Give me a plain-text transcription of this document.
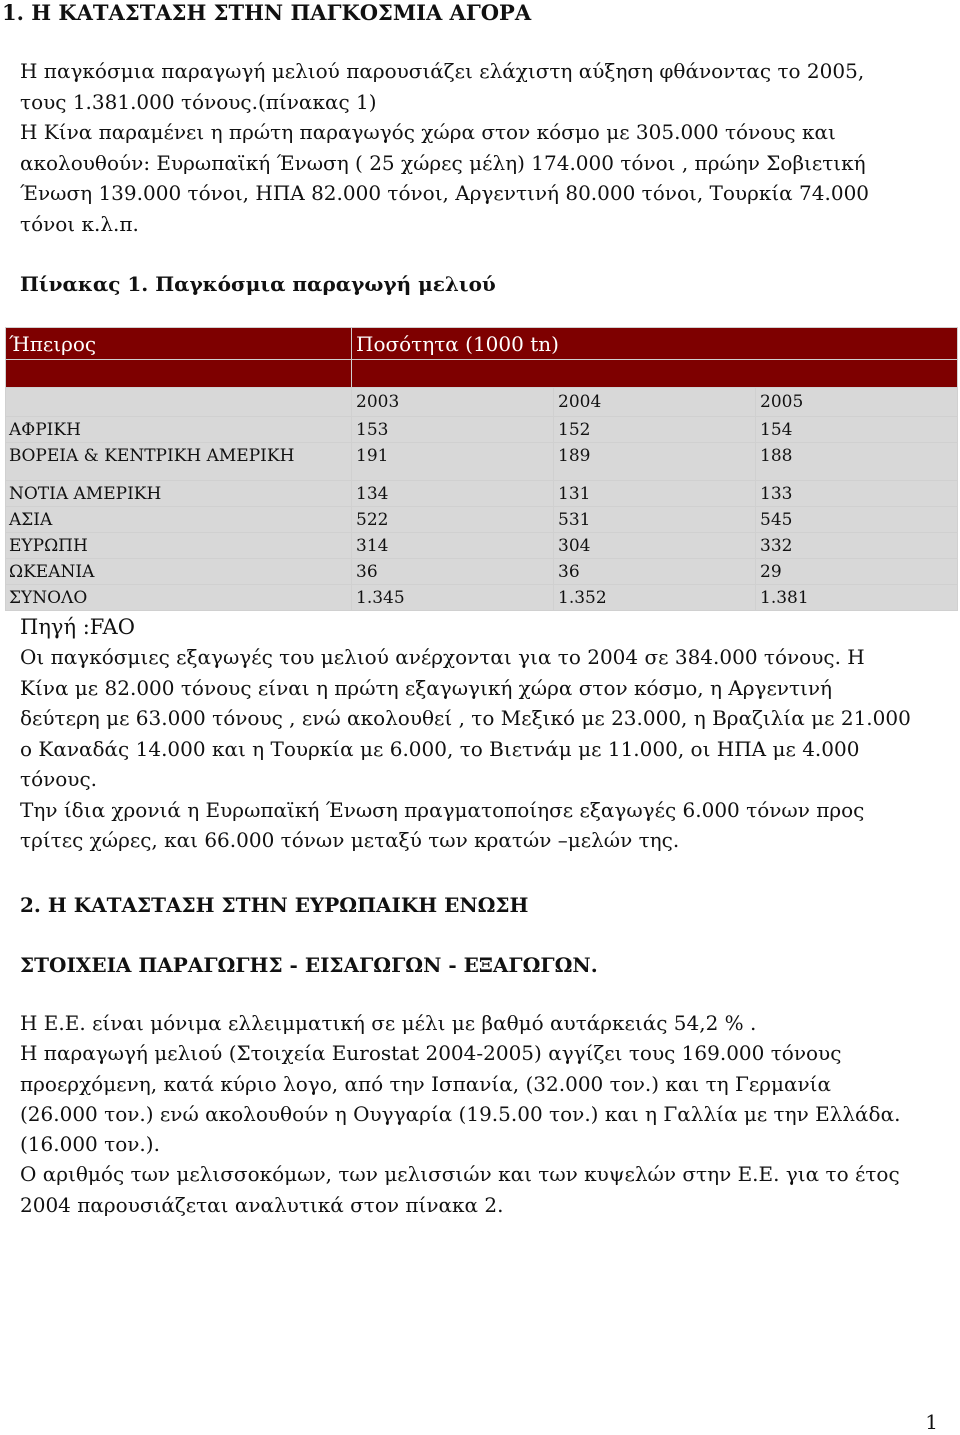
1. Η ΚΑΤΑΣΤΑΣΗ ΣΤΗΝ ΠΑΓΚΟΣΜΙΑ ΑΓΟΡΑ
Η παγκόσμια παραγωγή μελιού παρουσιάζει ελάχιστη αύξηση φθάνοντας το 2005,
τους 1.381.000 τόνους.(πίνακας 1)
Η Κίνα παραμένει η πρώτη παραγωγός χώρα στον κόσμο με 305.000 τόνους και
ακολουθούν: Ευρωπαϊκή Ένωση ( 25 χώρες μέλη) 174.000 τόνοι , πρώην Σοβιετική
Ένωση 139.000 τόνοι, ΗΠΑ 82.000 τόνοι, Αργεντινή 80.000 τόνοι, Τουρκία 74.000
τόνοι κ.λ.π.
Πίνακας 1. Παγκόσμια παραγωγή μελιού
Ήπειρος	Ποσότητα (1000 tn)		

	2003	2004	2005
ΑΦΡΙΚΗ	153	152	154
ΒΟΡΕΙΑ & ΚΕΝΤΡΙΚΗ ΑΜΕΡΙΚΗ	191	189	188
ΝΟΤΙΑ ΑΜΕΡΙΚΗ	134	131	133
ΑΣΙΑ	522	531	545
ΕΥΡΩΠΗ	314	304	332
ΩΚΕΑΝΙΑ	36	36	29
ΣΥΝΟΛΟ	1.345	1.352	1.381
Πηγή :FAO
Οι παγκόσμιες εξαγωγές του μελιού ανέρχονται για το 2004 σε 384.000 τόνους. Η
Κίνα με 82.000 τόνους είναι η πρώτη εξαγωγική χώρα στον κόσμο, η Αργεντινή
δεύτερη με 63.000 τόνους , ενώ ακολουθεί , το Μεξικό με 23.000, η Βραζιλία με 21.000
ο Καναδάς 14.000 και η Τουρκία με 6.000, το Βιετνάμ με 11.000, οι ΗΠΑ με 4.000
τόνους.
Την ίδια χρονιά η Ευρωπαϊκή Ένωση πραγματοποίησε εξαγωγές 6.000 τόνων προς
τρίτες χώρες, και 66.000 τόνων μεταξύ των κρατών –μελών της.
2. Η ΚΑΤΑΣΤΑΣΗ ΣΤΗΝ ΕΥΡΩΠΑΙΚΗ ΕΝΩΣΗ
ΣΤΟΙΧΕΙΑ ΠΑΡΑΓΩΓΗΣ - ΕΙΣΑΓΩΓΩΝ - ΕΞΑΓΩΓΩΝ.
Η Ε.Ε. είναι μόνιμα ελλειμματική σε μέλι με βαθμό αυτάρκειάς 54,2 % .
Η παραγωγή μελιού (Στοιχεία Eurostat 2004-2005) αγγίζει τους 169.000 τόνους
προερχόμενη, κατά κύριο λογο, από την Ισπανία, (32.000 τον.) και τη Γερμανία
(26.000 τον.) ενώ ακολουθούν η Ουγγαρία (19.5.00 τον.) και η Γαλλία με την Ελλάδα.
(16.000 τον.).
Ο αριθμός των μελισσοκόμων, των μελισσιών και των κυψελών στην Ε.Ε. για το έτος
2004 παρουσιάζεται αναλυτικά στον πίνακα 2.
1
